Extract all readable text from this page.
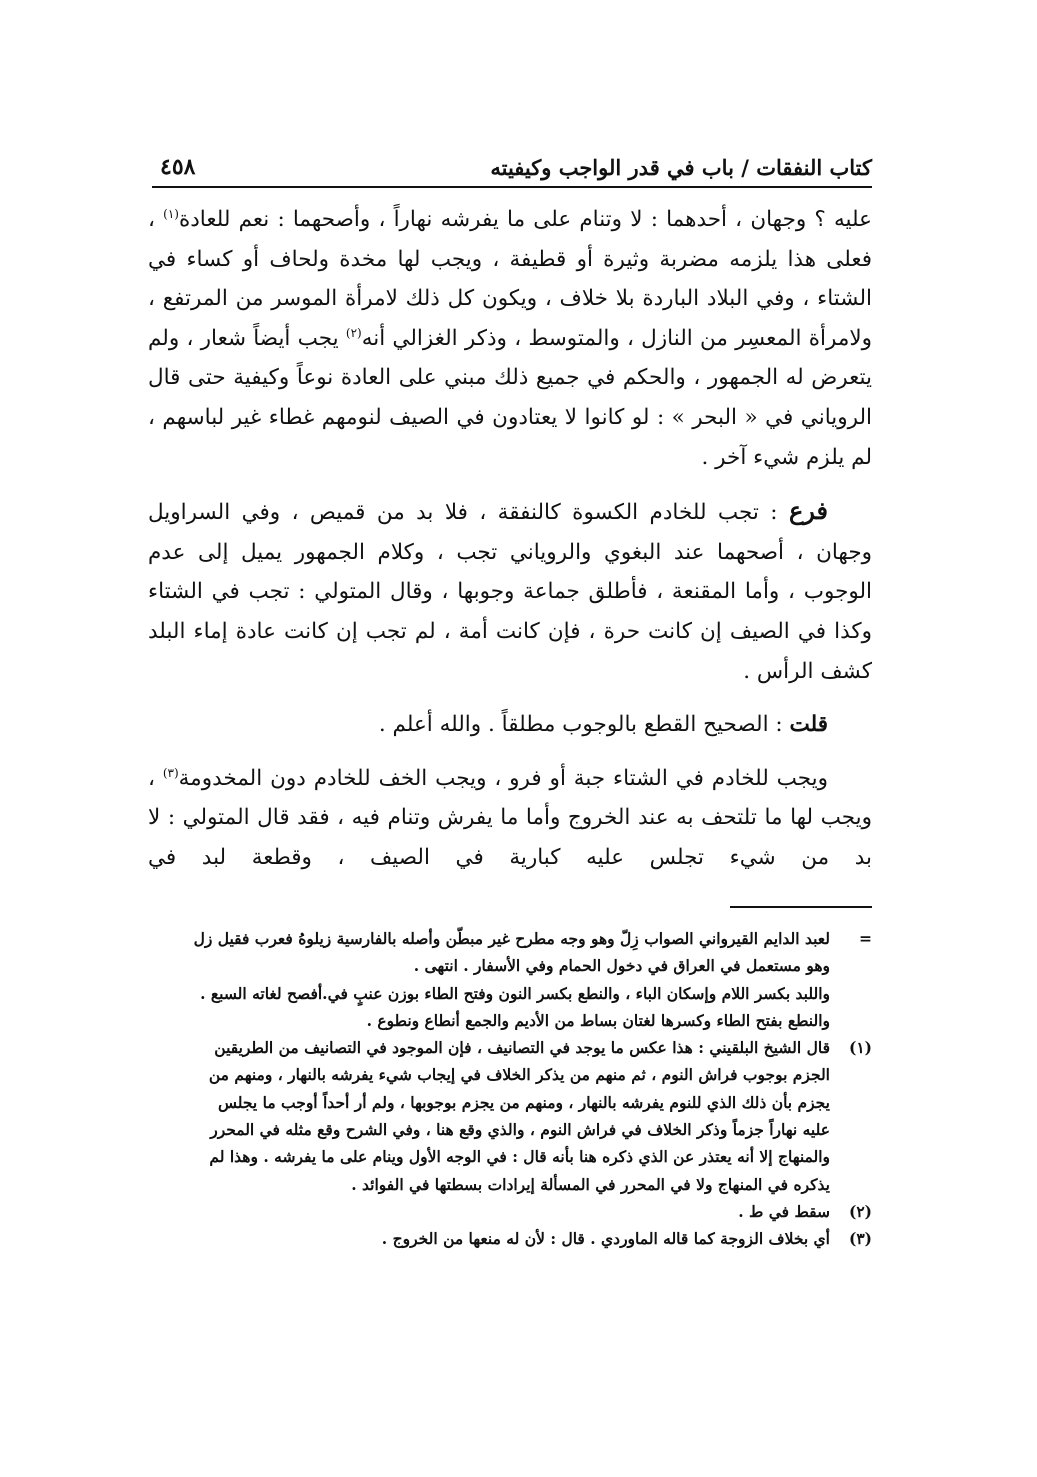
كتاب النفقات / باب في قدر الواجب وكيفيته
٤٥٨

عليه ؟ وجهان ، أحدهما : لا وتنام على ما يفرشه نهاراً ، وأصحهما : نعم للعادة$^{(١)}$ ، فعلى هذا يلزمه مضربة وثيرة أو قطيفة ، ويجب لها مخدة ولحاف أو كساء في الشتاء ، وفي البلاد الباردة بلا خلاف ، ويكون كل ذلك لامرأة الموسر من المرتفع ، ولامرأة المعسِر من النازل ، والمتوسط ، وذكر الغزالي أنه$^{(٢)}$ يجب أيضاً شعار ، ولم يتعرض له الجمهور ، والحكم في جميع ذلك مبني على العادة نوعاً وكيفية حتى قال الروياني في « البحر » : لو كانوا لا يعتادون في الصيف لنومهم غطاء غير لباسهم ، لم يلزم شيء آخر .

فرع : تجب للخادم الكسوة كالنفقة ، فلا بد من قميص ، وفي السراويل وجهان ، أصحهما عند البغوي والروياني تجب ، وكلام الجمهور يميل إلى عدم الوجوب ، وأما المقنعة ، فأطلق جماعة وجوبها ، وقال المتولي : تجب في الشتاء وكذا في الصيف إن كانت حرة ، فإن كانت أمة ، لم تجب إن كانت عادة إماء البلد كشف الرأس .

قلت : الصحيح القطع بالوجوب مطلقاً . والله أعلم .

ويجب للخادم في الشتاء جبة أو فرو ، ويجب الخف للخادم دون المخدومة$^{(٣)}$ ، ويجب لها ما تلتحف به عند الخروج وأما ما يفرش وتنام فيه ، فقد قال المتولي : لا بد من شيء تجلس عليه كبارية في الصيف ، وقطعة لبد في

=
لعبد الدايم القيرواني الصواب زِلّ وهو وجه مطرح غير مبطّن وأصله بالفارسية زيلوهُ فعرب فقيل زل
وهو مستعمل في العراق في دخول الحمام وفي الأسفار . انتهى .
واللبد بكسر اللام وإسكان الباء ، والنطع بكسر النون وفتح الطاء بوزن عنبٍ في.أفصح لغاته السبع .
والنطع بفتح الطاء وكسرها لغتان بساط من الأديم والجمع أنطاع ونطوع .
(١)
قال الشيخ البلقيني : هذا عكس ما يوجد في التصانيف ، فإن الموجود في التصانيف من الطريقين
الجزم بوجوب فراش النوم ، ثم منهم من يذكر الخلاف في إيجاب شيء يفرشه بالنهار ، ومنهم من
يجزم بأن ذلك الذي للنوم يفرشه بالنهار ، ومنهم من يجزم بوجوبها ، ولم أر أحداً أوجب ما يجلس
عليه نهاراً جزماً وذكر الخلاف في فراش النوم ، والذي وقع هنا ، وفي الشرح وقع مثله في المحرر
والمنهاج إلا أنه يعتذر عن الذي ذكره هنا بأنه قال : في الوجه الأول وينام على ما يفرشه . وهذا لم
يذكره في المنهاج ولا في المحرر في المسألة إيرادات بسطتها في الفوائد .
(٢)
سقط في ط .
(٣)
أي بخلاف الزوجة كما قاله الماوردي . قال : لأن له منعها من الخروج .
